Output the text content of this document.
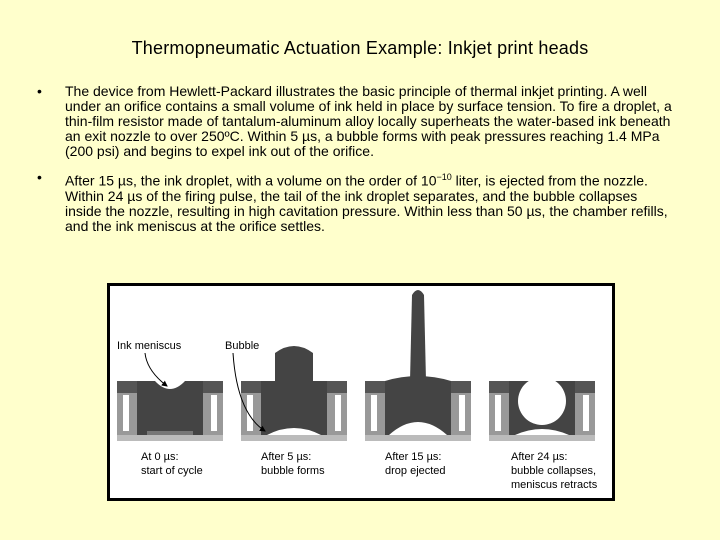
Thermopneumatic Actuation Example: Inkjet print heads
•	The device from Hewlett-Packard illustrates the basic principle of thermal inkjet printing. A well under an orifice contains a small volume of ink held in place by surface tension. To fire a droplet, a thin-film resistor made of tantalum-aluminum alloy locally superheats the water-based ink beneath an exit nozzle to over 250ºC. Within 5 µs, a bubble forms with peak pressures reaching 1.4 MPa (200 psi) and begins to expel ink out of the orifice.
•	After 15 µs, the ink droplet, with a volume on the order of $10^{-10}$ liter, is ejected from the nozzle. Within 24 µs of the firing pulse, the tail of the ink droplet separates, and the bubble collapses inside the nozzle, resulting in high cavitation pressure. Within less than 50 µs, the chamber refills, and the ink meniscus at the orifice settles.
Ink meniscus	Bubble
At 0 µs:
start of cycle
After 5 µs:
bubble forms
After 15 µs:
drop ejected
After 24 µs:
bubble collapses,
meniscus retracts
